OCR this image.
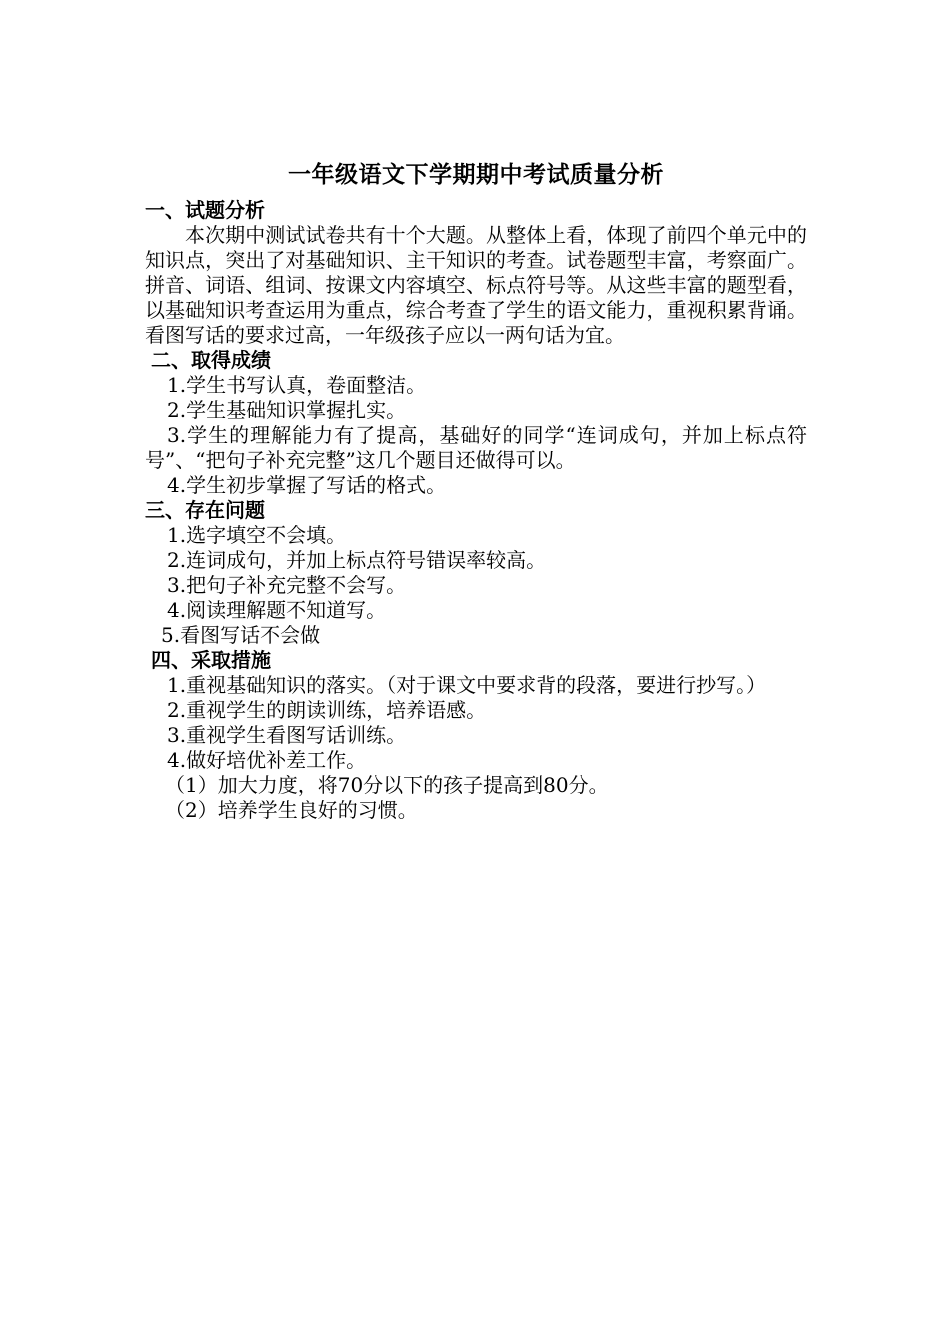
一年级语文下学期期中考试质量分析

一、试题分析

本次期中测试试卷共有十个大题。从整体上看，体现了前四个单元中的知识点，突出了对基础知识、主干知识的考查。试卷题型丰富，考察面广。拼音、词语、组词、按课文内容填空、标点符号等。从这些丰富的题型看，以基础知识考查运用为重点，综合考查了学生的语文能力，重视积累背诵。看图写话的要求过高，一年级孩子应以一两句话为宜。

二、取得成绩

1.学生书写认真，卷面整洁。

2.学生基础知识掌握扎实。

3.学生的理解能力有了提高，基础好的同学“连词成句，并加上标点符号”、“把句子补充完整”这几个题目还做得可以。

4.学生初步掌握了写话的格式。

三、存在问题

1.选字填空不会填。

2.连词成句，并加上标点符号错误率较高。

3.把句子补充完整不会写。

4.阅读理解题不知道写。

5.看图写话不会做

四、采取措施

1.重视基础知识的落实。（对于课文中要求背的段落，要进行抄写。）

2.重视学生的朗读训练，培养语感。

3.重视学生看图写话训练。

4.做好培优补差工作。

（1）加大力度，将70分以下的孩子提高到80分。

（2）培养学生良好的习惯。
